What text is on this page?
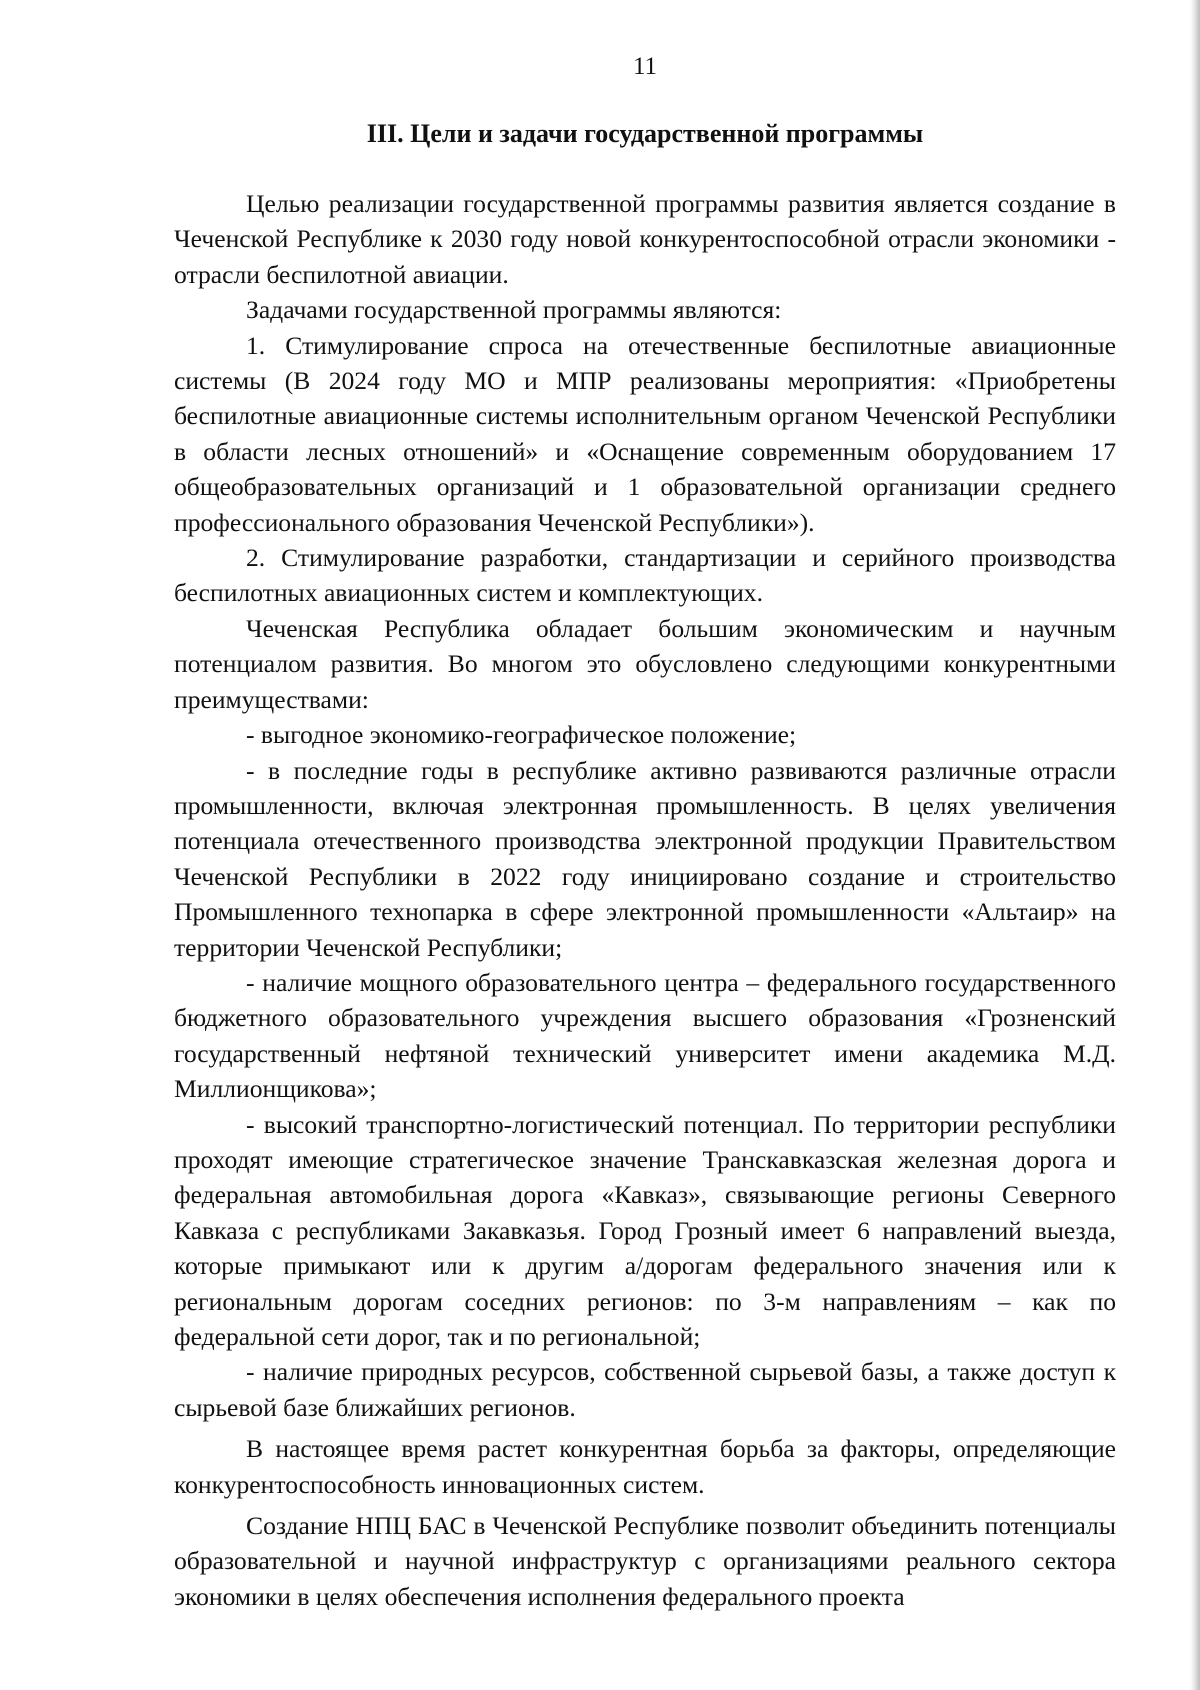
11
III. Цели и задачи государственной программы

Целью реализации государственной программы развития является создание в Чеченской Республике к 2030 году новой конкурентоспособной отрасли экономики - отрасли беспилотной авиации.

Задачами государственной программы являются:

1. Стимулирование спроса на отечественные беспилотные авиационные системы (В 2024 году МО и МПР реализованы мероприятия: «Приобретены беспилотные авиационные системы исполнительным органом Чеченской Республики в области лесных отношений» и «Оснащение современным оборудованием 17 общеобразовательных организаций и 1 образовательной организации среднего профессионального образования Чеченской Республики»).

2. Стимулирование разработки, стандартизации и серийного производства беспилотных авиационных систем и комплектующих.

Чеченская Республика обладает большим экономическим и научным потенциалом развития. Во многом это обусловлено следующими конкурентными преимуществами:

- выгодное экономико-географическое положение;

- в последние годы в республике активно развиваются различные отрасли промышленности, включая электронная промышленность. В целях увеличения потенциала отечественного производства электронной продукции Правительством Чеченской Республики в 2022 году инициировано создание и строительство Промышленного технопарка в сфере электронной промышленности «Альтаир» на территории Чеченской Республики;

- наличие мощного образовательного центра – федерального государственного бюджетного образовательного учреждения высшего образования «Грозненский государственный нефтяной технический университет имени академика М.Д. Миллионщикова»;

- высокий транспортно-логистический потенциал. По территории республики проходят имеющие стратегическое значение Транскавказская железная дорога и федеральная автомобильная дорога «Кавказ», связывающие регионы Северного Кавказа с республиками Закавказья. Город Грозный имеет 6 направлений выезда, которые примыкают или к другим а/дорогам федерального значения или к региональным дорогам соседних регионов: по 3-м направлениям – как по федеральной сети дорог, так и по региональной;

- наличие природных ресурсов, собственной сырьевой базы, а также доступ к сырьевой базе ближайших регионов.

В настоящее время растет конкурентная борьба за факторы, определяющие конкурентоспособность инновационных систем.

Создание НПЦ БАС в Чеченской Республике позволит объединить потенциалы образовательной и научной инфраструктур с организациями реального сектора экономики в целях обеспечения исполнения федерального проекта
